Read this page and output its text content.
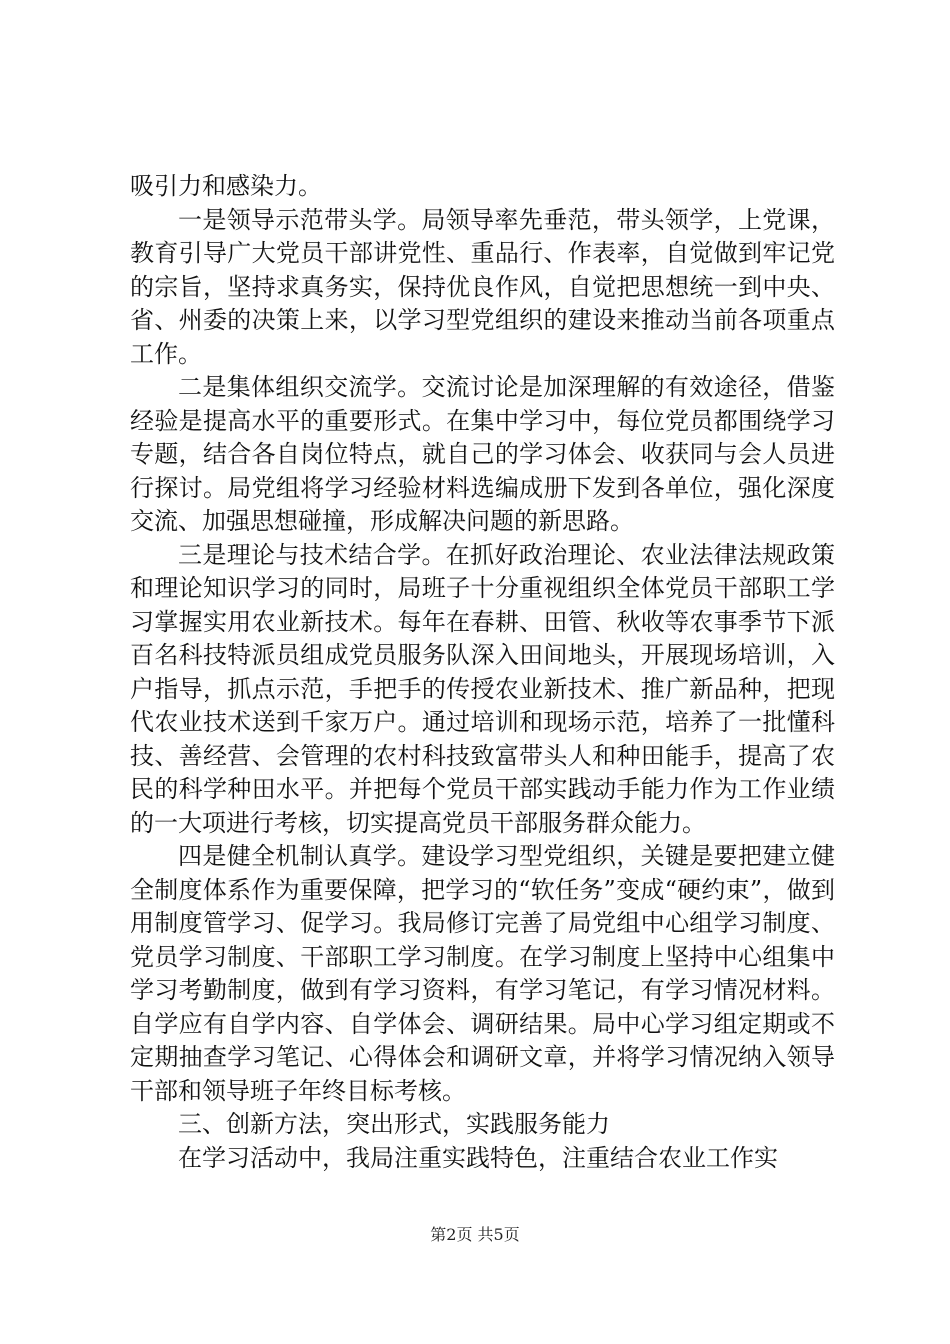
吸引力和感染力。

一是领导示范带头学。局领导率先垂范，带头领学，上党课，教育引导广大党员干部讲党性、重品行、作表率，自觉做到牢记党的宗旨，坚持求真务实，保持优良作风，自觉把思想统一到中央、省、州委的决策上来，以学习型党组织的建设来推动当前各项重点工作。

二是集体组织交流学。交流讨论是加深理解的有效途径，借鉴经验是提高水平的重要形式。在集中学习中，每位党员都围绕学习专题，结合各自岗位特点，就自己的学习体会、收获同与会人员进行探讨。局党组将学习经验材料选编成册下发到各单位，强化深度交流、加强思想碰撞，形成解决问题的新思路。

三是理论与技术结合学。在抓好政治理论、农业法律法规政策和理论知识学习的同时，局班子十分重视组织全体党员干部职工学习掌握实用农业新技术。每年在春耕、田管、秋收等农事季节下派百名科技特派员组成党员服务队深入田间地头，开展现场培训，入户指导，抓点示范，手把手的传授农业新技术、推广新品种，把现代农业技术送到千家万户。通过培训和现场示范，培养了一批懂科技、善经营、会管理的农村科技致富带头人和种田能手，提高了农民的科学种田水平。并把每个党员干部实践动手能力作为工作业绩的一大项进行考核，切实提高党员干部服务群众能力。

四是健全机制认真学。建设学习型党组织，关键是要把建立健全制度体系作为重要保障，把学习的“软任务”变成“硬约束”，做到用制度管学习、促学习。我局修订完善了局党组中心组学习制度、党员学习制度、干部职工学习制度。在学习制度上坚持中心组集中学习考勤制度，做到有学习资料，有学习笔记，有学习情况材料。自学应有自学内容、自学体会、调研结果。局中心学习组定期或不定期抽查学习笔记、心得体会和调研文章，并将学习情况纳入领导干部和领导班子年终目标考核。

三、创新方法，突出形式，实践服务能力

在学习活动中，我局注重实践特色，注重结合农业工作实

第2页 共5页
